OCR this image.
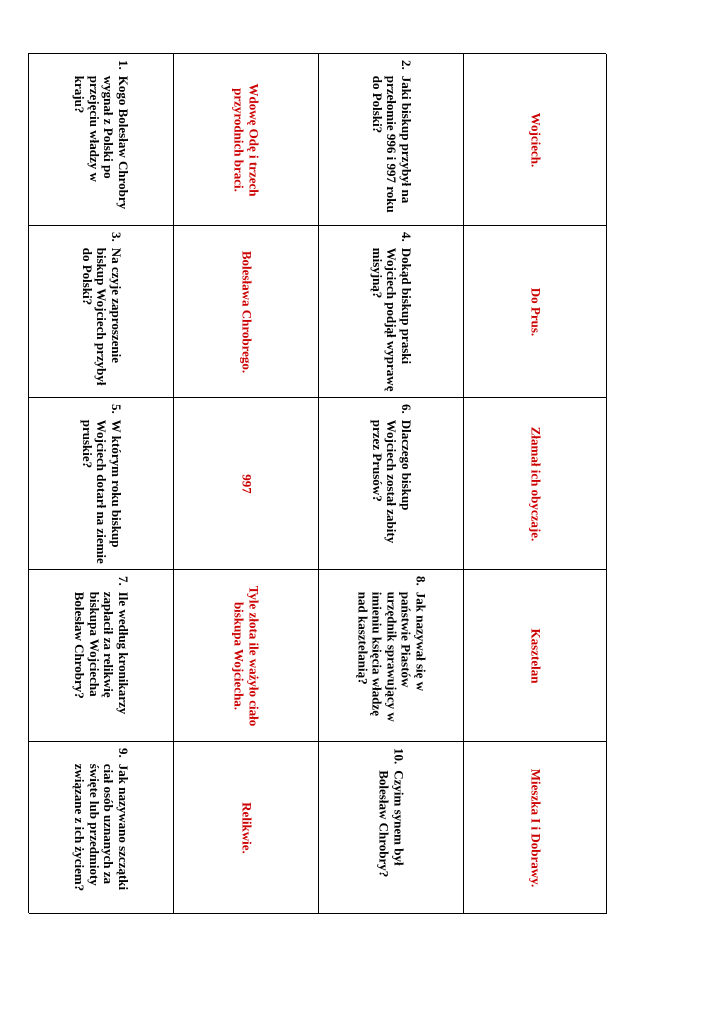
1.
Kogo Bolesław Chrobry wygnał z Polski po przejęciu władzy w kraju?	Wdowę Odę i trzech przyrodnich braci.
2.
Jaki biskup przybył na przełomie 996 i 997 roku do Polski?
Wojciech.
3.
Na czyje zaproszenie biskup Wojciech przybył do Polski?	Bolesława Chrobrego.
4.
Dokąd biskup praski Wojciech podjął wyprawę misyjną?
Do Prus.
5.
W którym roku biskup Wojciech dotarł na ziemie pruskie?
997
6.
Dlaczego biskup Wojciech został zabity przez Prusów?	Złamał ich obyczaje.
7.
Ile według kronikarzy zapłacił za relikwię biskupa Wojciecha Bolesław Chrobry?	Tyle złota ile ważyło ciało biskupa Wojciecha.
8.
Jak nazywał się w państwie Piastów urzędnik sprawujący w imieniu księcia władzę nad kasztelanią?	Kasztelan
9.
Jak nazywano szczątki ciał osób uznanych za święte lub przedmioty związane z ich życiem?	Relikwie.
10.
Czyim synem był Bolesław Chrobry?	Mieszka I i Dobrawy.
